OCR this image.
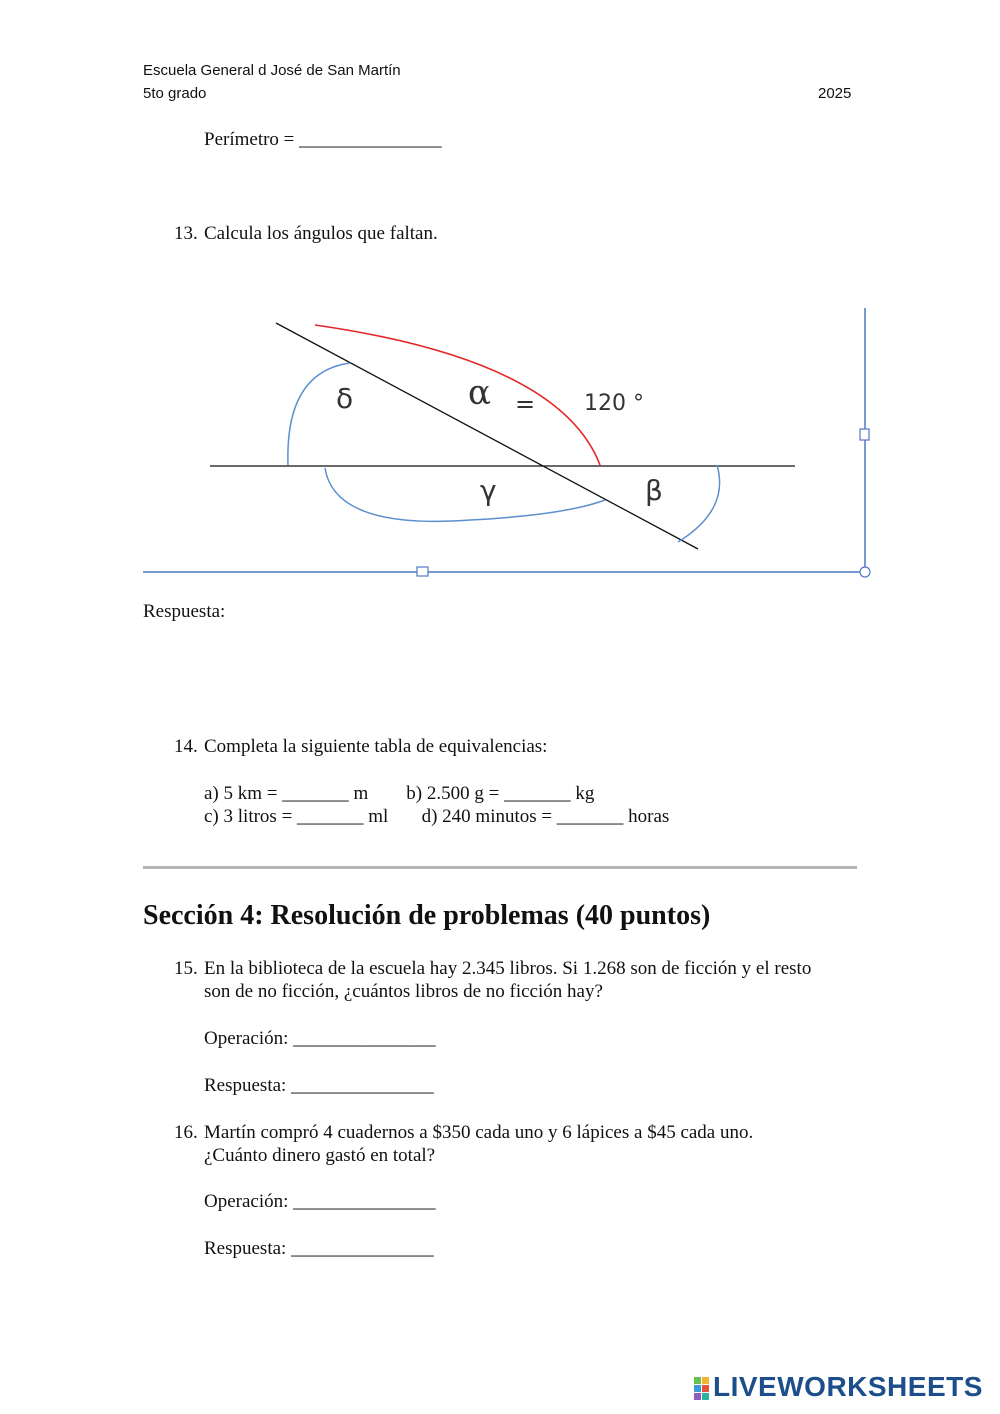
Escuela General d José de San Martín
5to grado	2025
Perímetro = _______________
13. Calcula los ángulos que faltan.
δ	α = 120 °
γ	β
Respuesta:
14. Completa la siguiente tabla de equivalencias:
a) 5 km = _______ m        b) 2.500 g = _______ kg
c) 3 litros = _______ ml       d) 240 minutos = _______ horas
Sección 4: Resolución de problemas (40 puntos)
15. En la biblioteca de la escuela hay 2.345 libros. Si 1.268 son de ficción y el resto
son de no ficción, ¿cuántos libros de no ficción hay?
Operación: _______________
Respuesta: _______________
16. Martín compró 4 cuadernos a $350 cada uno y 6 lápices a $45 cada uno.
¿Cuánto dinero gastó en total?
Operación: _______________
Respuesta: _______________
LIVEWORKSHEETS
